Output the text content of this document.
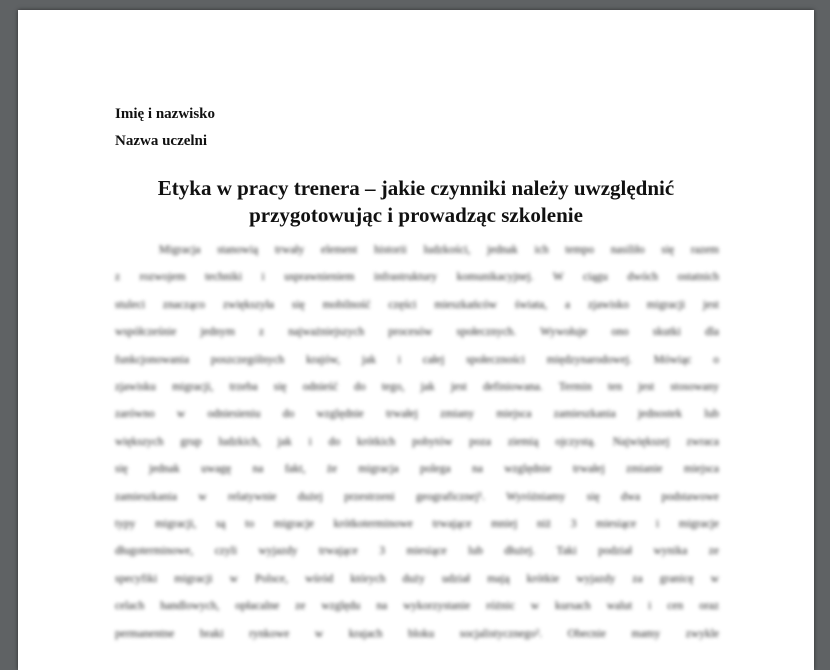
Imię i nazwisko

Nazwa uczelni

Etyka w pracy trenera – jakie czynniki należy uwzględnić
przygotowując i prowadząc szkolenie
Migracja stanowią trwały element historii ludzkości, jednak ich tempo nasiliło się razem
z rozwojem techniki i usprawnieniem infrastruktury komunikacyjnej. W ciągu dwóch ostatnich
stuleci znacząco zwiększyła się mobilność części mieszkańców świata, a zjawisko migracji jest
współcześnie jednym z najważniejszych procesów społecznych. Wywołuje ono skutki dla
funkcjonowania poszczególnych krajów, jak i całej społeczności międzynarodowej. Mówiąc o
zjawisku migracji, trzeba się odnieść do tego, jak jest definiowana. Termin ten jest stosowany
zarówno w odniesieniu do względnie trwałej zmiany miejsca zamieszkania jednostek lub
większych grup ludzkich, jak i do krótkich pobytów poza ziemią ojczystą. Największej zwraca
się jednak uwagę na fakt, że migracja polega na względnie trwałej zmianie miejsca
zamieszkania w relatywnie dużej przestrzeni geograficznej¹. Wyróżniamy się dwa podstawowe
typy migracji, są to migracje krótkoterminowe trwające mniej niż 3 miesiące i migracje
długoterminowe, czyli wyjazdy trwające 3 miesiące lub dłużej. Taki podział wynika ze
specyfiki migracji w Polsce, wśród których duży udział mają krótkie wyjazdy za granicę w
celach handlowych, opłacalne ze względu na wykorzystanie różnic w kursach walut i cen oraz
permanentne braki rynkowe w krajach bloku socjalistycznego². Obecnie mamy zwykle
